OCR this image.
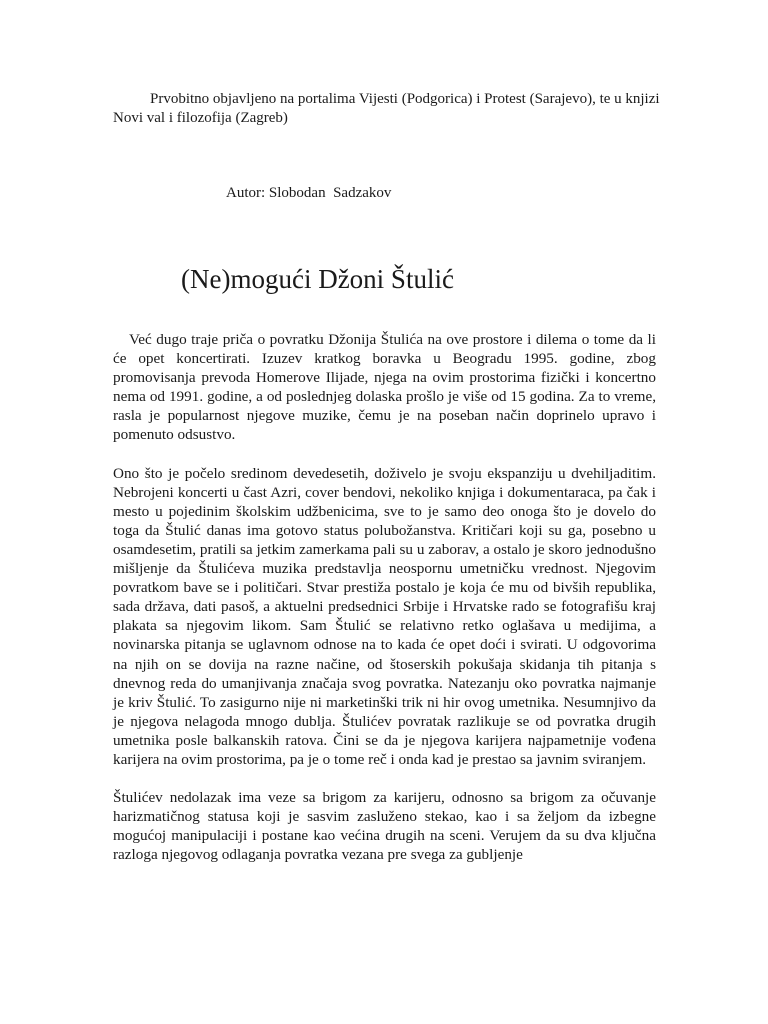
Prvobitno objavljeno na portalima Vijesti (Podgorica) i Protest (Sarajevo), te u knjizi Novi val i filozofija (Zagreb)

Autor: Slobodan  Sadzakov

(Ne)mogući Džoni Štulić

Već dugo traje priča o povratku Džonija Štulića na ove prostore i dilema o tome da li će opet koncertirati. Izuzev kratkog boravka u Beogradu 1995. godine, zbog promovisanja prevoda Homerove Ilijade, njega na ovim prostorima fizički i koncertno nema od 1991. godine, a od poslednjeg dolaska prošlo je više od 15 godina. Za to vreme, rasla je popularnost njegove muzike, čemu je na poseban način doprinelo upravo i pomenuto odsustvo.

Ono što je počelo sredinom devedesetih, doživelo je svoju ekspanziju u dvehiljaditim. Nebrojeni koncerti u čast Azri, cover bendovi, nekoliko knjiga i dokumentaraca, pa čak i mesto u pojedinim školskim udžbenicima, sve to je samo deo onoga što je dovelo do toga da Štulić danas ima gotovo status polubožanstva. Kritičari koji su ga, posebno u osamdesetim, pratili sa jetkim zamerkama pali su u zaborav, a ostalo je skoro jednodušno mišljenje da Štulićeva muzika predstavlja neospornu umetničku vrednost. Njegovim povratkom bave se i političari. Stvar prestiža postalo je koja će mu od bivših republika, sada država, dati pasoš, a aktuelni predsednici Srbije i Hrvatske rado se fotografišu kraj plakata sa njegovim likom. Sam Štulić se relativno retko oglašava u medijima, a novinarska pitanja se uglavnom odnose na to kada će opet doći i svirati. U odgovorima na njih on se dovija na razne načine, od štoserskih pokušaja skidanja tih pitanja s dnevnog reda do umanjivanja značaja svog povratka. Natezanju oko povratka najmanje je kriv Štulić. To zasigurno nije ni marketinški trik ni hir ovog umetnika. Nesumnjivo da je njegova nelagoda mnogo dublja. Štulićev povratak razlikuje se od povratka drugih umetnika posle balkanskih ratova. Čini se da je njegova karijera najpametnije vođena karijera na ovim prostorima, pa je o tome reč i onda kad je prestao sa javnim sviranjem.

Štulićev nedolazak ima veze sa brigom za karijeru, odnosno sa brigom za očuvanje harizmatičnog statusa koji je sasvim zasluženo stekao, kao i sa željom da izbegne mogućoj manipulaciji i postane kao većina drugih na sceni. Verujem da su dva ključna razloga njegovog odlaganja povratka vezana pre svega za gubljenje
